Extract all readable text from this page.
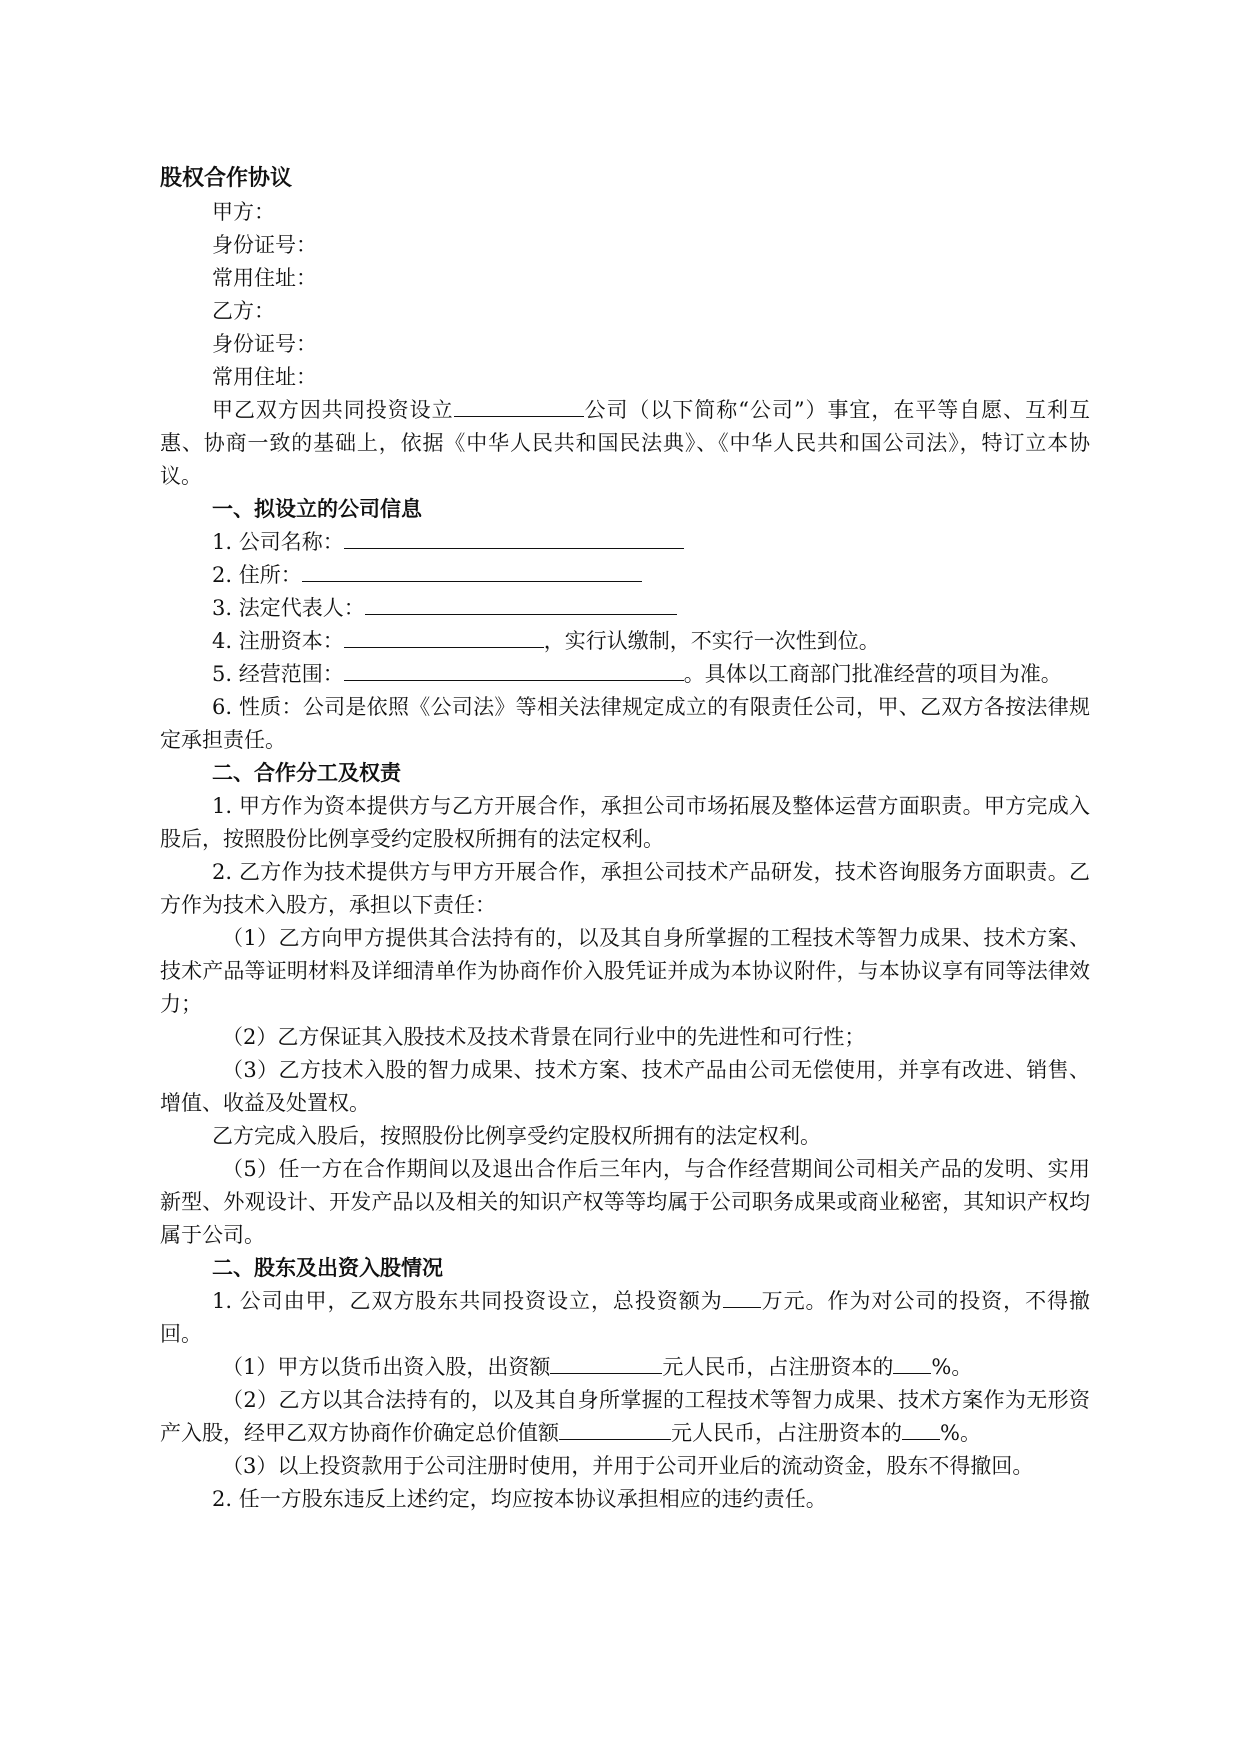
股权合作协议

甲方：

身份证号：

常用住址：

乙方：

身份证号：

常用住址：

甲乙双方因共同投资设立	公司（以下简称“公司”）事宜，在平等自愿、互利互惠、协商一致的基础上，依据《中华人民共和国民法典》、《中华人民共和国公司法》，特订立本协议。

一、拟设立的公司信息

1. 公司名称：

2. 住所：

3. 法定代表人：

4. 注册资本：	，实行认缴制，不实行一次性到位。

5. 经营范围：	。具体以工商部门批准经营的项目为准。

6. 性质：公司是依照《公司法》等相关法律规定成立的有限责任公司，甲、乙双方各按法律规定承担责任。

二、合作分工及权责

1. 甲方作为资本提供方与乙方开展合作，承担公司市场拓展及整体运营方面职责。甲方完成入股后，按照股份比例享受约定股权所拥有的法定权利。

2. 乙方作为技术提供方与甲方开展合作，承担公司技术产品研发，技术咨询服务方面职责。乙方作为技术入股方，承担以下责任：

（1）乙方向甲方提供其合法持有的，以及其自身所掌握的工程技术等智力成果、技术方案、技术产品等证明材料及详细清单作为协商作价入股凭证并成为本协议附件，与本协议享有同等法律效力；

（2）乙方保证其入股技术及技术背景在同行业中的先进性和可行性；

（3）乙方技术入股的智力成果、技术方案、技术产品由公司无偿使用，并享有改进、销售、增值、收益及处置权。

乙方完成入股后，按照股份比例享受约定股权所拥有的法定权利。

（5）任一方在合作期间以及退出合作后三年内，与合作经营期间公司相关产品的发明、实用新型、外观设计、开发产品以及相关的知识产权等等均属于公司职务成果或商业秘密，其知识产权均属于公司。

二、股东及出资入股情况

1. 公司由甲，乙双方股东共同投资设立，总投资额为 万元。作为对公司的投资，不得撤回。

（1）甲方以货币出资入股，出资额	元人民币，占注册资本的 %。

（2）乙方以其合法持有的，以及其自身所掌握的工程技术等智力成果、技术方案作为无形资产入股，经甲乙双方协商作价确定总价值额	元人民币，占注册资本的 %。

（3）以上投资款用于公司注册时使用，并用于公司开业后的流动资金，股东不得撤回。

2. 任一方股东违反上述约定，均应按本协议承担相应的违约责任。
